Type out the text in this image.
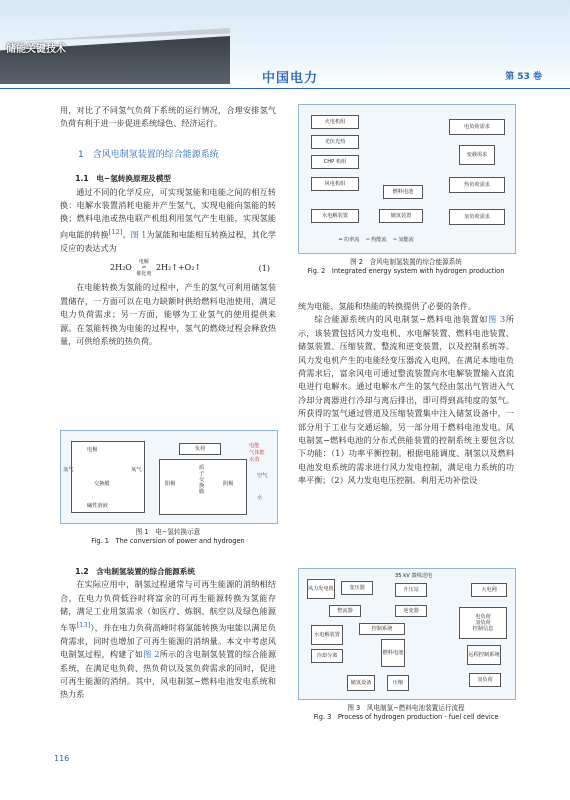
储能关键技术
中国电力	第 53 卷

用，对比了不同氢气负荷下系统的运行情况，合理安排氢气负荷有利于进一步促进系统绿色、经济运行。

1　含风电制氢装置的综合能源系统

1.1　电−氢转换原理及模型

通过不同的化学反应，可实现氢能和电能之间的相互转换：电解水装置消耗电能并产生氢气，实现电能向氢能的转换；燃料电池或热电联产机组利用氢气产生电能，实现氢能向电能的转换[12]。图 1为氢能和电能相互转换过程，其化学反应的表达式为

2H₂O 电解
⇌
催化剂 2H₂↑+O₂↑	(1)

在电能转换为氢能的过程中，产生的氢气可利用储氢装置储存，一方面可以在电力缺额时供给燃料电池使用，满足电力负荷需求；另一方面，能够为工业氢气的使用提供来源。在氢能转换为电能的过程中，氢气的燃烧过程会释放热量，可供给系统的热负荷。

电极
氢气	氧气
交换膜
碱性溶液
负荷
阳极
质子交换膜
阴极
电能
气体能
水蒸
空气
水
图 1　电−氢转换示意
Fig. 1　The conversion of power and hydrogen

1.2　含电制氢装置的综合能源系统

在实际应用中，制氢过程通常与可再生能源的消纳相结合，在电力负荷低谷时将富余的可再生能源转换为氢能存储，满足工业用氢需求（如医疗、炼钢、航空以及绿色能源车等[13]），并在电力负荷高峰时将氢能转换为电能以满足负荷需求，同时也增加了可再生能源的消纳量。本文中考虑风电制氢过程，构建了如图 2所示的含电制氢装置的综合能源系统，在满足电负荷、热负荷以及氢负荷需求的同时，促进可再生能源的消纳。其中，风电制氢−燃料电池发电系统和热力系

火电机组
光伏光热
CHP 机组
风电机组
水电解装置
燃料电池
储氢装置
电负荷需求
变载需求
热负荷需求
氢负荷需求
━ 功率流　 ━ 热能流　 ━ 氢能流
图 2　含风电制氢装置的综合能源系统
Fig. 2　Integrated energy system with hydrogen production

统为电能、氢能和热能的转换提供了必要的条件。

综合能源系统内的风电制氢−燃料电池装置如图 3所示，该装置包括风力发电机、水电解装置、燃料电池装置、储氢装置、压缩装置、整流和逆变装置，以及控制系统等。风力发电机产生的电能经变压器流入电网，在满足本地电负荷需求后，富余风电可通过整流装置向水电解装置输入直流电进行电解水。通过电解水产生的氢气经由氢出气管进入气冷却分离器进行冷却与离后排出，即可得到高纯度的氢气。所获得的氢气通过管道及压缩装置集中注入储氢设备中，一部分用于工业与交通运输，另一部分用于燃料电池发电。风电制氢−燃料电池的分布式供能装置的控制系统主要包含以下功能：（1）功率平衡控制。根据电能调度、制氢以及燃料电池发电系统的需求进行风力发电控制，满足电力系统的功率平衡；（2）风力发电电压控制。利用无功补偿设

风力发电机	变压器
35 kV 馈线送电
升压站	大电网
整流器	逆变器
控制系统
水电解装置
燃料电池
冷却分离
储氢设备	压缩
电负荷
氢负荷
控制信息
远程控制系统
氢负荷
图 3　风电制氢−燃料电池装置运行流程
Fig. 3　Process of hydrogen production - fuel cell device
116
